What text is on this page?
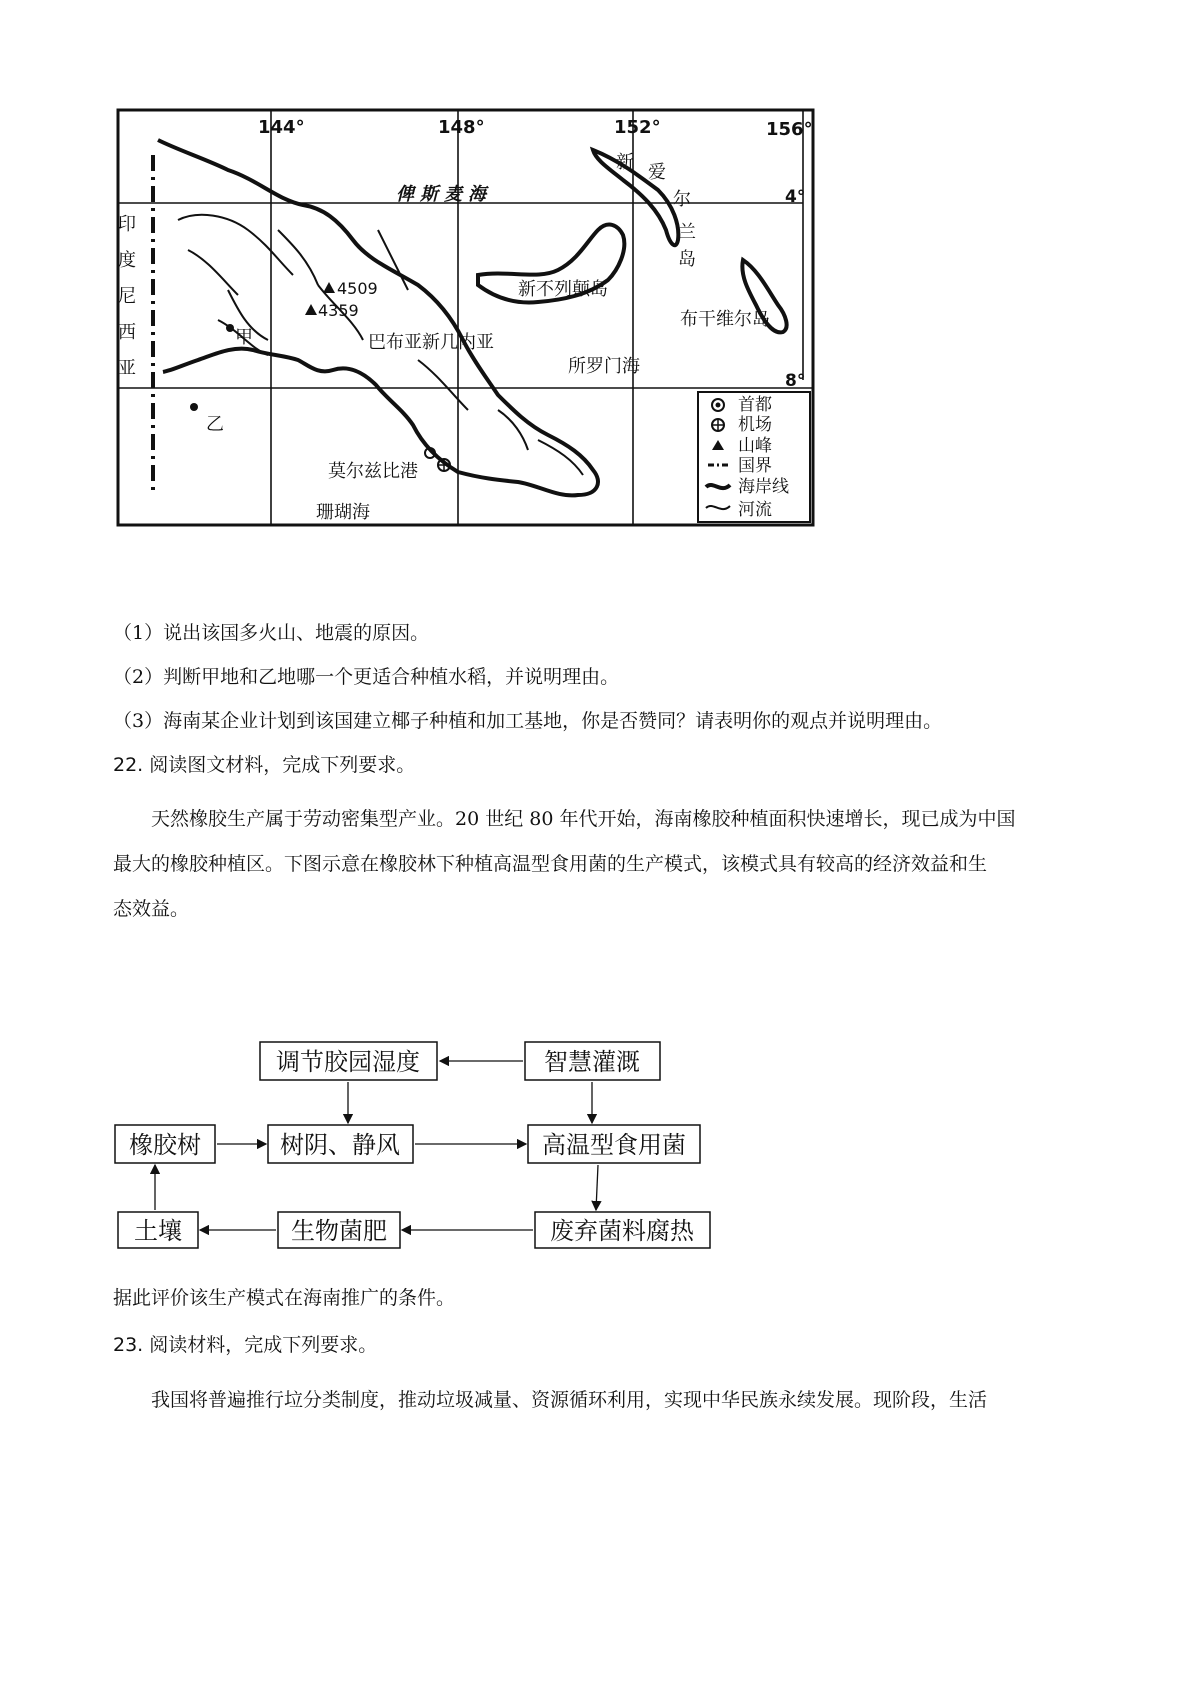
144°	148°	152°	156°
4°
8°
俾斯麦海
印
度
尼
西
亚
新 爱
尔
兰
岛
新不列颠岛
布干维尔岛
巴布亚新几内亚
所罗门海
珊瑚海
莫尔兹比港
甲
乙
4509
4359
首都
机场
山峰
国界
海岸线
河流
（1）说出该国多火山、地震的原因。
（2）判断甲地和乙地哪一个更适合种植水稻，并说明理由。
（3）海南某企业计划到该国建立椰子种植和加工基地，你是否赞同？请表明你的观点并说明理由。
22. 阅读图文材料，完成下列要求。
天然橡胶生产属于劳动密集型产业。20 世纪 80 年代开始，海南橡胶种植面积快速增长，现已成为中国
最大的橡胶种植区。下图示意在橡胶林下种植高温型食用菌的生产模式，该模式具有较高的经济效益和生
态效益。
调节胶园湿度	智慧灌溉
橡胶树	树阴、静风	高温型食用菌
土壤	生物菌肥	废弃菌料腐热
据此评价该生产模式在海南推广的条件。
23. 阅读材料，完成下列要求。
我国将普遍推行垃分类制度，推动垃圾减量、资源循环利用，实现中华民族永续发展。现阶段，生活
